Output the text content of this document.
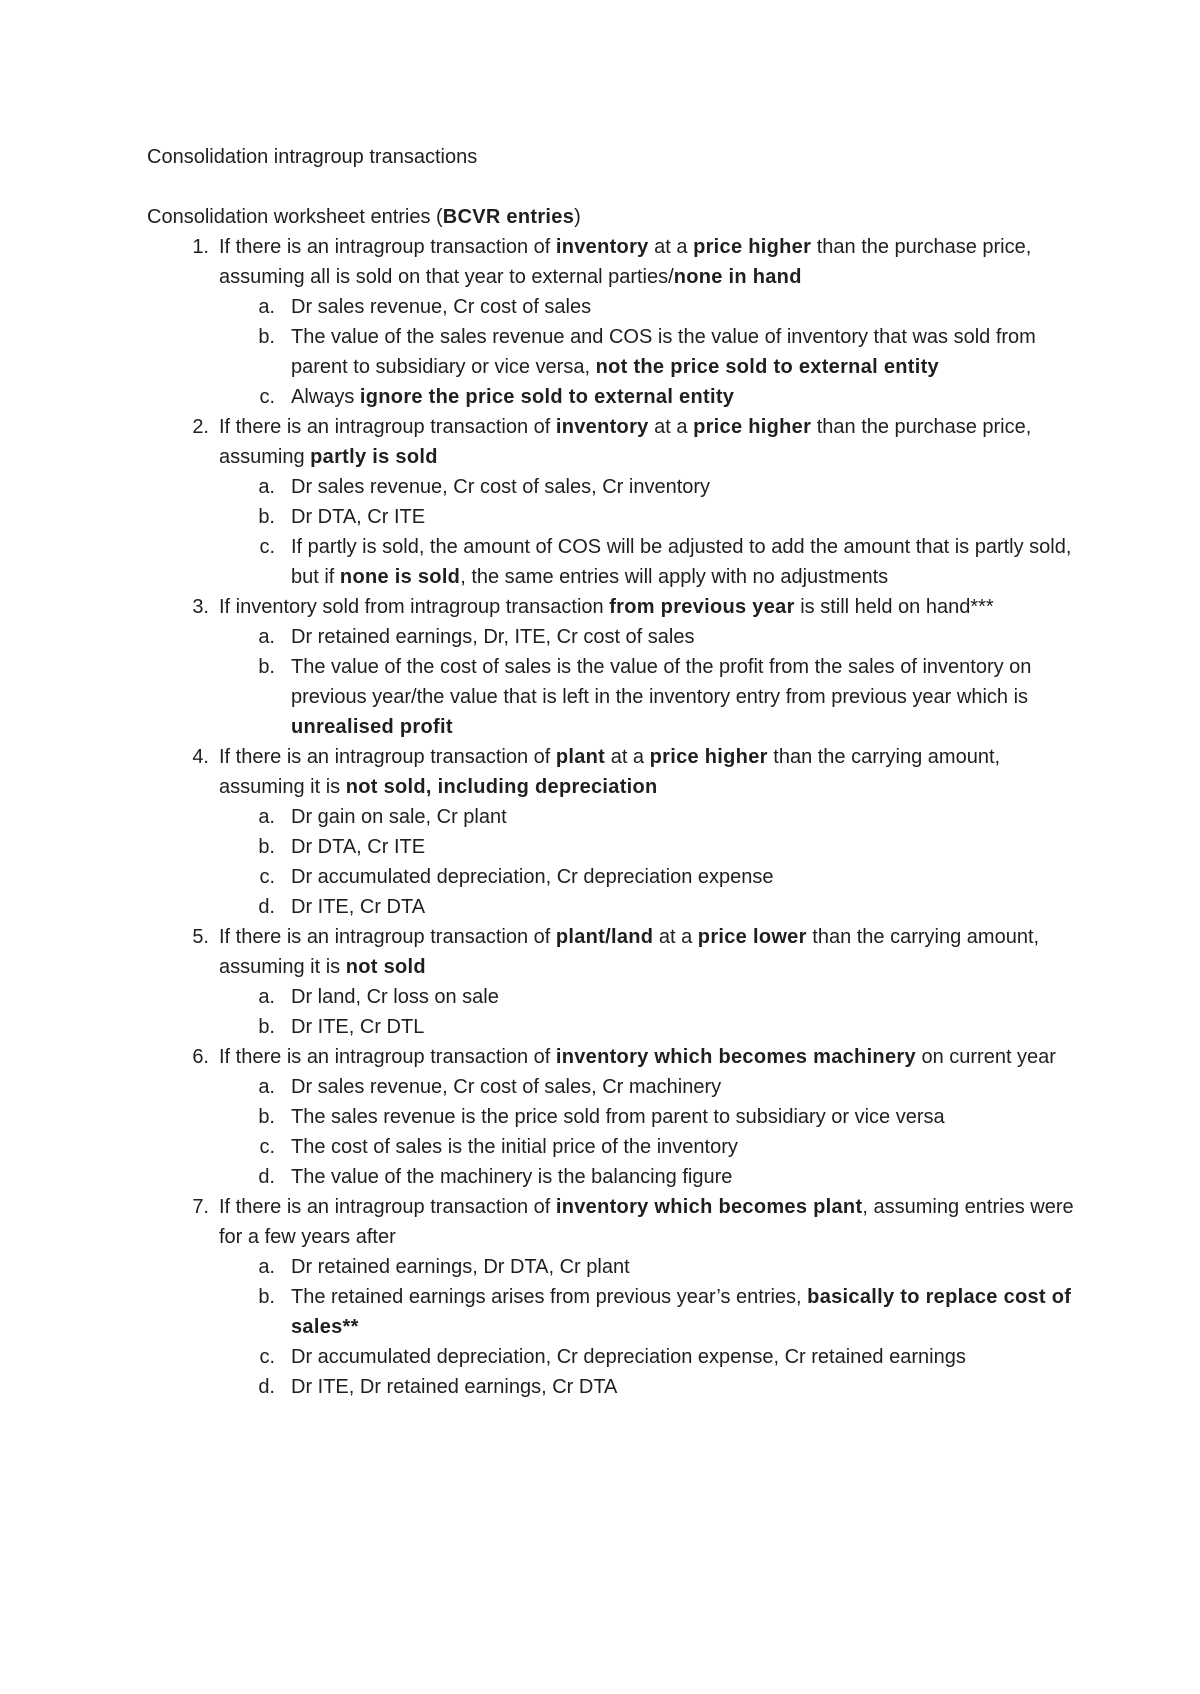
Consolidation intragroup transactions
Consolidation worksheet entries (BCVR entries)
1. If there is an intragroup transaction of inventory at a price higher than the purchase price, assuming all is sold on that year to external parties/none in hand
a. Dr sales revenue, Cr cost of sales
b. The value of the sales revenue and COS is the value of inventory that was sold from parent to subsidiary or vice versa, not the price sold to external entity
c. Always ignore the price sold to external entity
2. If there is an intragroup transaction of inventory at a price higher than the purchase price, assuming partly is sold
a. Dr sales revenue, Cr cost of sales, Cr inventory
b. Dr DTA, Cr ITE
c. If partly is sold, the amount of COS will be adjusted to add the amount that is partly sold, but if none is sold, the same entries will apply with no adjustments
3. If inventory sold from intragroup transaction from previous year is still held on hand***
a. Dr retained earnings, Dr, ITE, Cr cost of sales
b. The value of the cost of sales is the value of the profit from the sales of inventory on previous year/the value that is left in the inventory entry from previous year which is unrealised profit
4. If there is an intragroup transaction of plant at a price higher than the carrying amount, assuming it is not sold, including depreciation
a. Dr gain on sale, Cr plant
b. Dr DTA, Cr ITE
c. Dr accumulated depreciation, Cr depreciation expense
d. Dr ITE, Cr DTA
5. If there is an intragroup transaction of plant/land at a price lower than the carrying amount, assuming it is not sold
a. Dr land, Cr loss on sale
b. Dr ITE, Cr DTL
6. If there is an intragroup transaction of inventory which becomes machinery on current year
a. Dr sales revenue, Cr cost of sales, Cr machinery
b. The sales revenue is the price sold from parent to subsidiary or vice versa
c. The cost of sales is the initial price of the inventory
d. The value of the machinery is the balancing figure
7. If there is an intragroup transaction of inventory which becomes plant, assuming entries were for a few years after
a. Dr retained earnings, Dr DTA, Cr plant
b. The retained earnings arises from previous year’s entries, basically to replace cost of sales**
c. Dr accumulated depreciation, Cr depreciation expense, Cr retained earnings
d. Dr ITE, Dr retained earnings, Cr DTA
